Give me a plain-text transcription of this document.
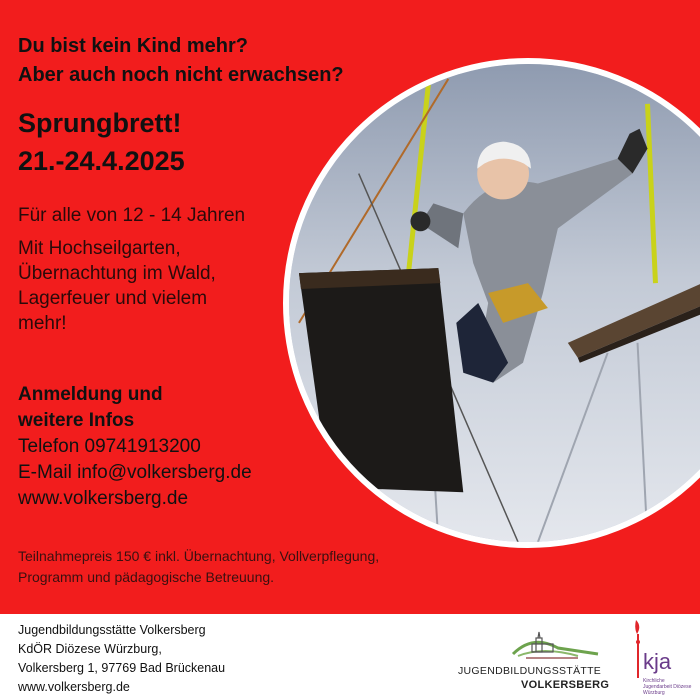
Du bist kein Kind mehr?
Aber auch noch nicht erwachsen?

Sprungbrett!
21.-24.4.2025

Für alle von 12 - 14 Jahren

Mit Hochseilgarten,
Übernachtung im Wald,
Lagerfeuer und vielem
mehr!

Anmeldung und
weitere Infos
Telefon 09741913200
E-Mail info@volkersberg.de
www.volkersberg.de

Teilnahmepreis 150 € inkl. Übernachtung, Vollverpflegung,
Programm und pädagogische Betreuung.

Jugendbildungsstätte Volkersberg
KdÖR Diözese Würzburg,
Volkersberg 1, 97769 Bad Brückenau
www.volkersberg.de
JUGENDBILDUNGSSTÄTTE
VOLKERSBERG
kja
Kirchliche Jugendarbeit Diözese Würzburg
